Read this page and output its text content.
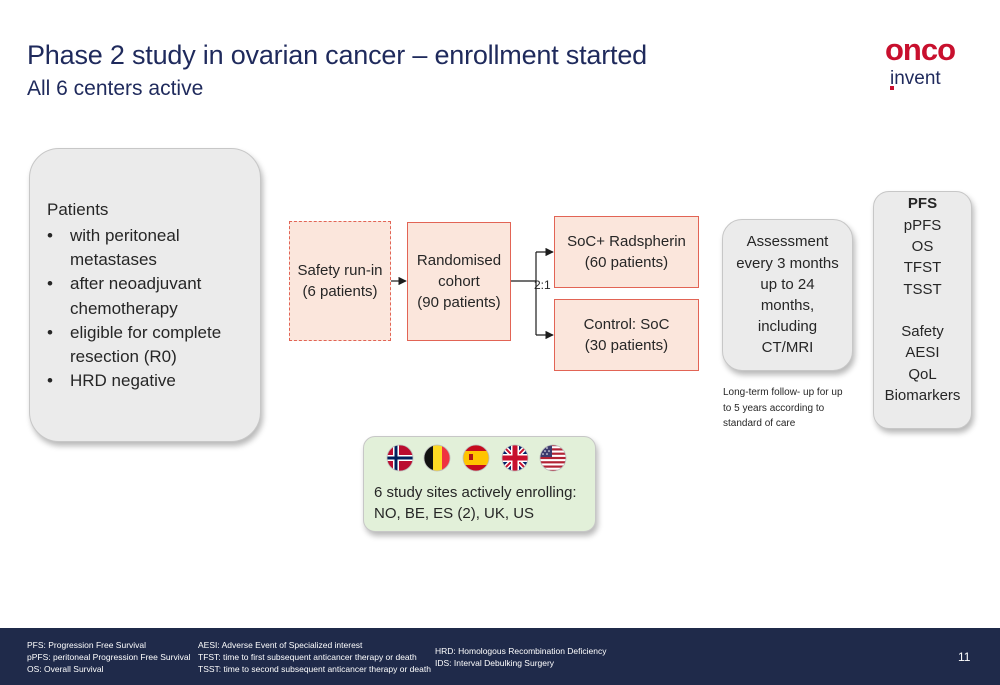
Phase 2 study in ovarian cancer – enrollment started
All 6 centers active
onco
invent
Patients
• with peritoneal metastases
• after neoadjuvant chemotherapy
• eligible for complete resection (R0)
• HRD negative
Safety run-in
(6 patients)
Randomised
cohort
(90 patients)
2:1
SoC+ Radspherin
(60 patients)
Control: SoC
(30 patients)
Assessment
every 3 months
up to 24
months,
including
CT/MRI
Long-term follow- up for up to 5 years according to standard of care
PFS
pPFS
OS
TFST
TSST
Safety
AESI
QoL
Biomarkers
6 study sites actively enrolling:
NO, BE, ES (2), UK, US
PFS: Progression Free Survival
pPFS: peritoneal Progression Free Survival
OS: Overall Survival
AESI: Adverse Event of Specialized interest
TFST: time to first subsequent anticancer therapy or death
TSST: time to second subsequent anticancer therapy or death
HRD: Homologous Recombination Deficiency
IDS: Interval Debulking Surgery	11
